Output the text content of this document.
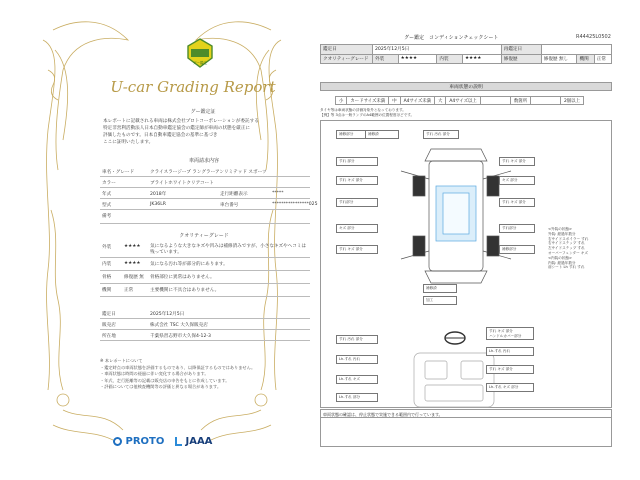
グー鑑定
U-car Grading Report
グー鑑定証
本レポートに記載される車両は株式会社プロトコーポレーションが委託する
特定非営利活動法人日本自動車鑑定協会の鑑定師が車両の状態を厳正に
評価したものです。日本自動車鑑定協会の基準に基づき
ここに証明いたします。
車両請求内容
車名・グレード	クライスラージープ ラングラーアンリミテッド スポーツ
カラー	ブライトホワイトクリアコート
年式	2018年	走行距離表示	*****
型式	JK36LR	車台番号	****************025
備考
クオリティーグレード
外装	★★★★ 気になるような大きなキズや凹みは補修済みですが、小さなキズやヘコミは残っています。
内装	★★★★ 気になる汚れ等が部分的にあります。
骨格	修復歴 無 骨格部位に異常はありません。
機関	正常	主要機関に不具合はありません。
鑑定日	2025年12月5日
販売店	株式会社 TSC 大久保販売店
所在地	千葉県習志野市大久保4-12-3
※ 本レポートについて
・鑑定時点の車両状態を評価するものであり、以降保証するものではありません。
・車両状態は時間の経過に伴い変化する場合があります。
・年式、走行距離等の記載は販売店の申告をもとに作成しています。
・評価については他検査機関等の評価と異なる場合があります。
PROTO	JAAA
グー鑑定　コンディションチェックシート	R44425L0502
鑑定日	2025年12月5日				再鑑定日			
クオリティーグレード	外装	★★★★	内装	★★★★	修復歴	修復歴 無し	機関	正常
車両状態の説明
小	カードサイズ未満	中	A4サイズ未満	大	A4サイズ以上		数箇所		2個以上
タイヤ等は車両状態の評価対象外となっております。
【例】等 3点は一般ランプのA4範囲の位置程度ほどです。
補修部分
すれ 部分
すれ キズ 部分
すれ部分
キズ 部分
すれ キズ 部分
補修済	すれ 汚れ 部分
すれ キズ 部分
キズ 部分
すれ キズ 部分
すれ部分
補修部分
補修済
加工
すれ 汚れ 部分
Lh-すれ 汚れ
Lh-すれ キズ
Lh-すれ 部分
すれ キズ 部分
ハンドルカバー部分
Lh-すれ 汚れ
すれ キズ 部分
Lh-すれ キズ 部分
<外装の状態>
外装: 経過年数分
右サイドスポイラー すれ
右サイドステップ すれ
左サイドステップ すれ
オーバーフェンダー キズ
<内装の状態>
内装: 経過年数分
前シート Lh すれ すれ
車両状態の確認は、停止状態で実施できる範囲内で行っています。
